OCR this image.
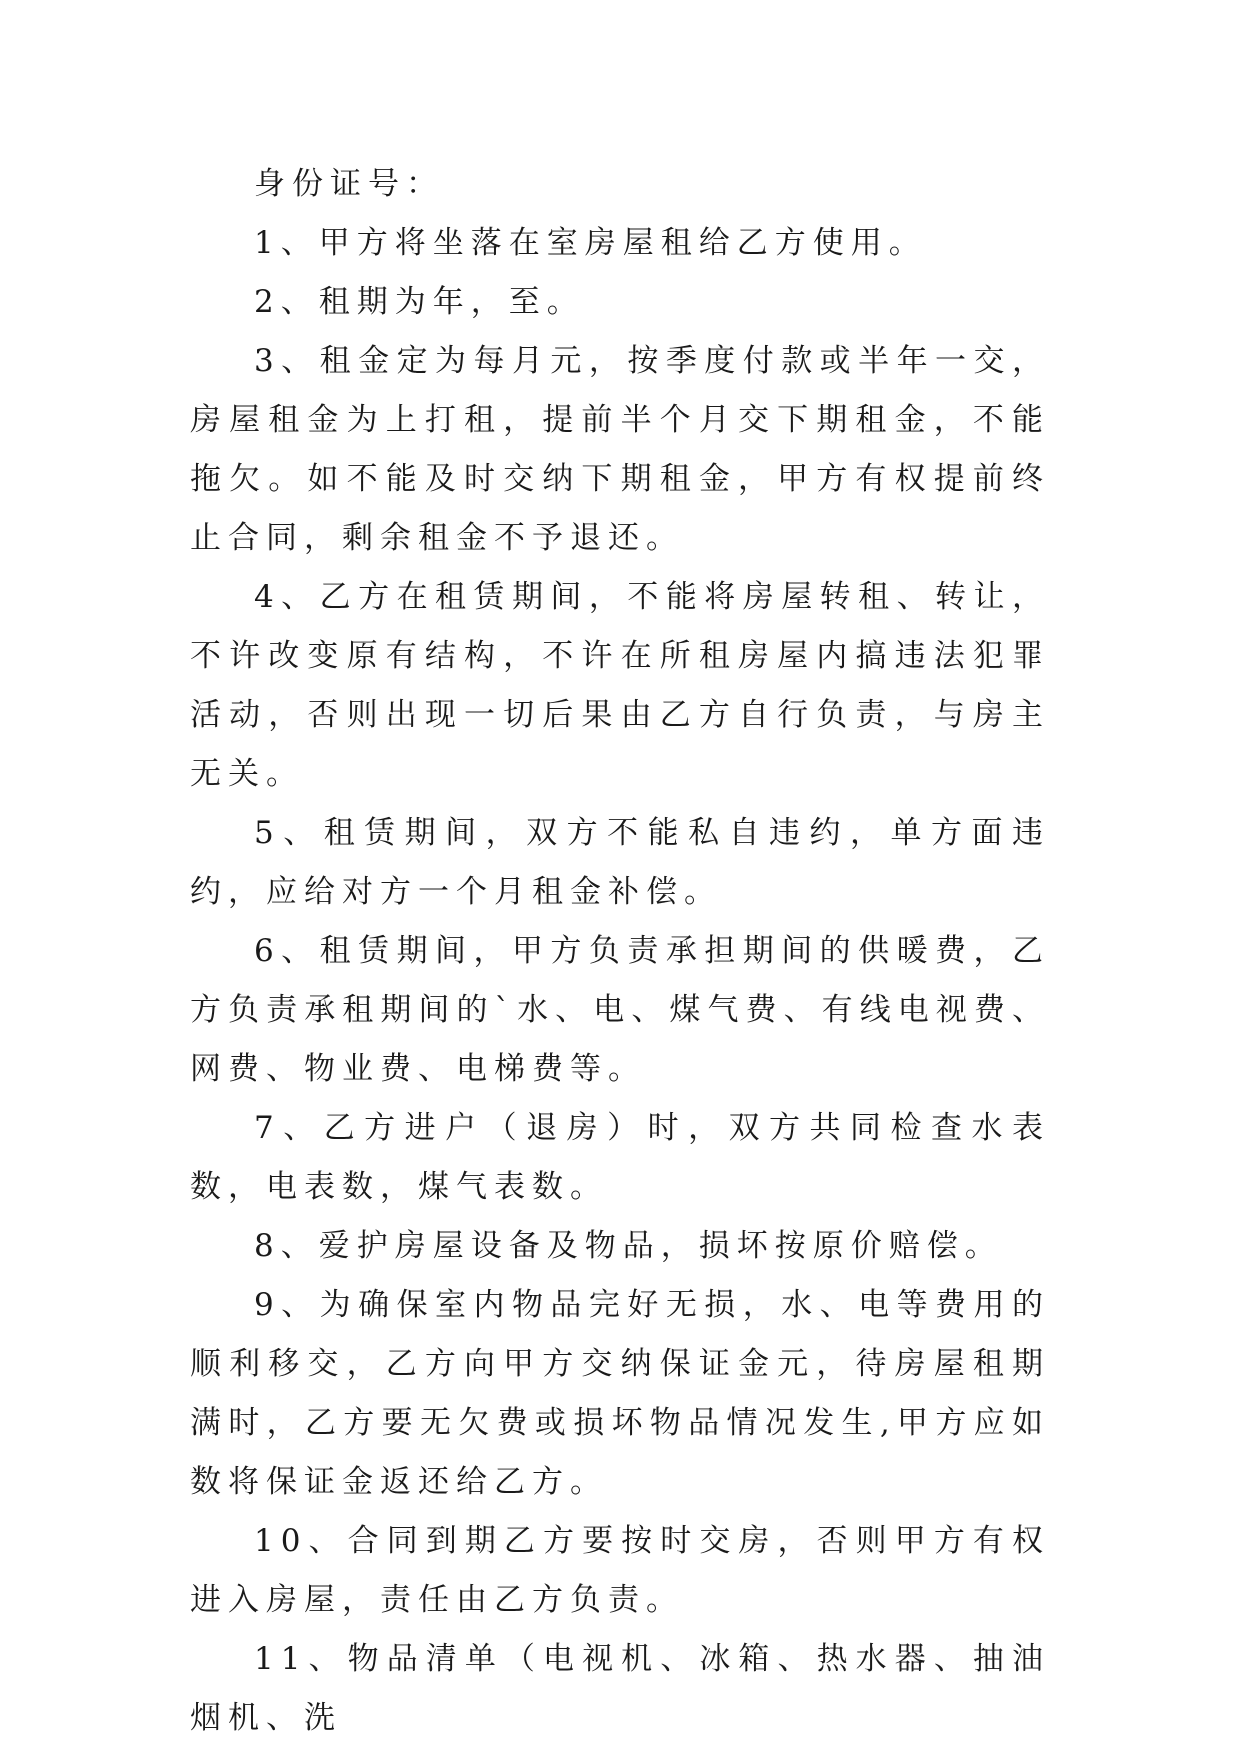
身份证号：

1、甲方将坐落在室房屋租给乙方使用。

2、租期为年，至。

3、租金定为每月元，按季度付款或半年一交，房屋租金为上打租，提前半个月交下期租金，不能拖欠。如不能及时交纳下期租金，甲方有权提前终止合同，剩余租金不予退还。

4、乙方在租赁期间，不能将房屋转租、转让，不许改变原有结构，不许在所租房屋内搞违法犯罪活动，否则出现一切后果由乙方自行负责，与房主无关。

5、租赁期间，双方不能私自违约，单方面违约，应给对方一个月租金补偿。

6、租赁期间，甲方负责承担期间的供暖费，乙方负责承租期间的`水、电、煤气费、有线电视费、网费、物业费、电梯费等。

7、乙方进户（退房）时，双方共同检查水表数，电表数，煤气表数。

8、爱护房屋设备及物品，损坏按原价赔偿。

9、为确保室内物品完好无损，水、电等费用的顺利移交，乙方向甲方交纳保证金元，待房屋租期满时，乙方要无欠费或损坏物品情况发生,甲方应如数将保证金返还给乙方。

10、合同到期乙方要按时交房，否则甲方有权进入房屋，责任由乙方负责。

11、物品清单（电视机、冰箱、热水器、抽油烟机、洗
